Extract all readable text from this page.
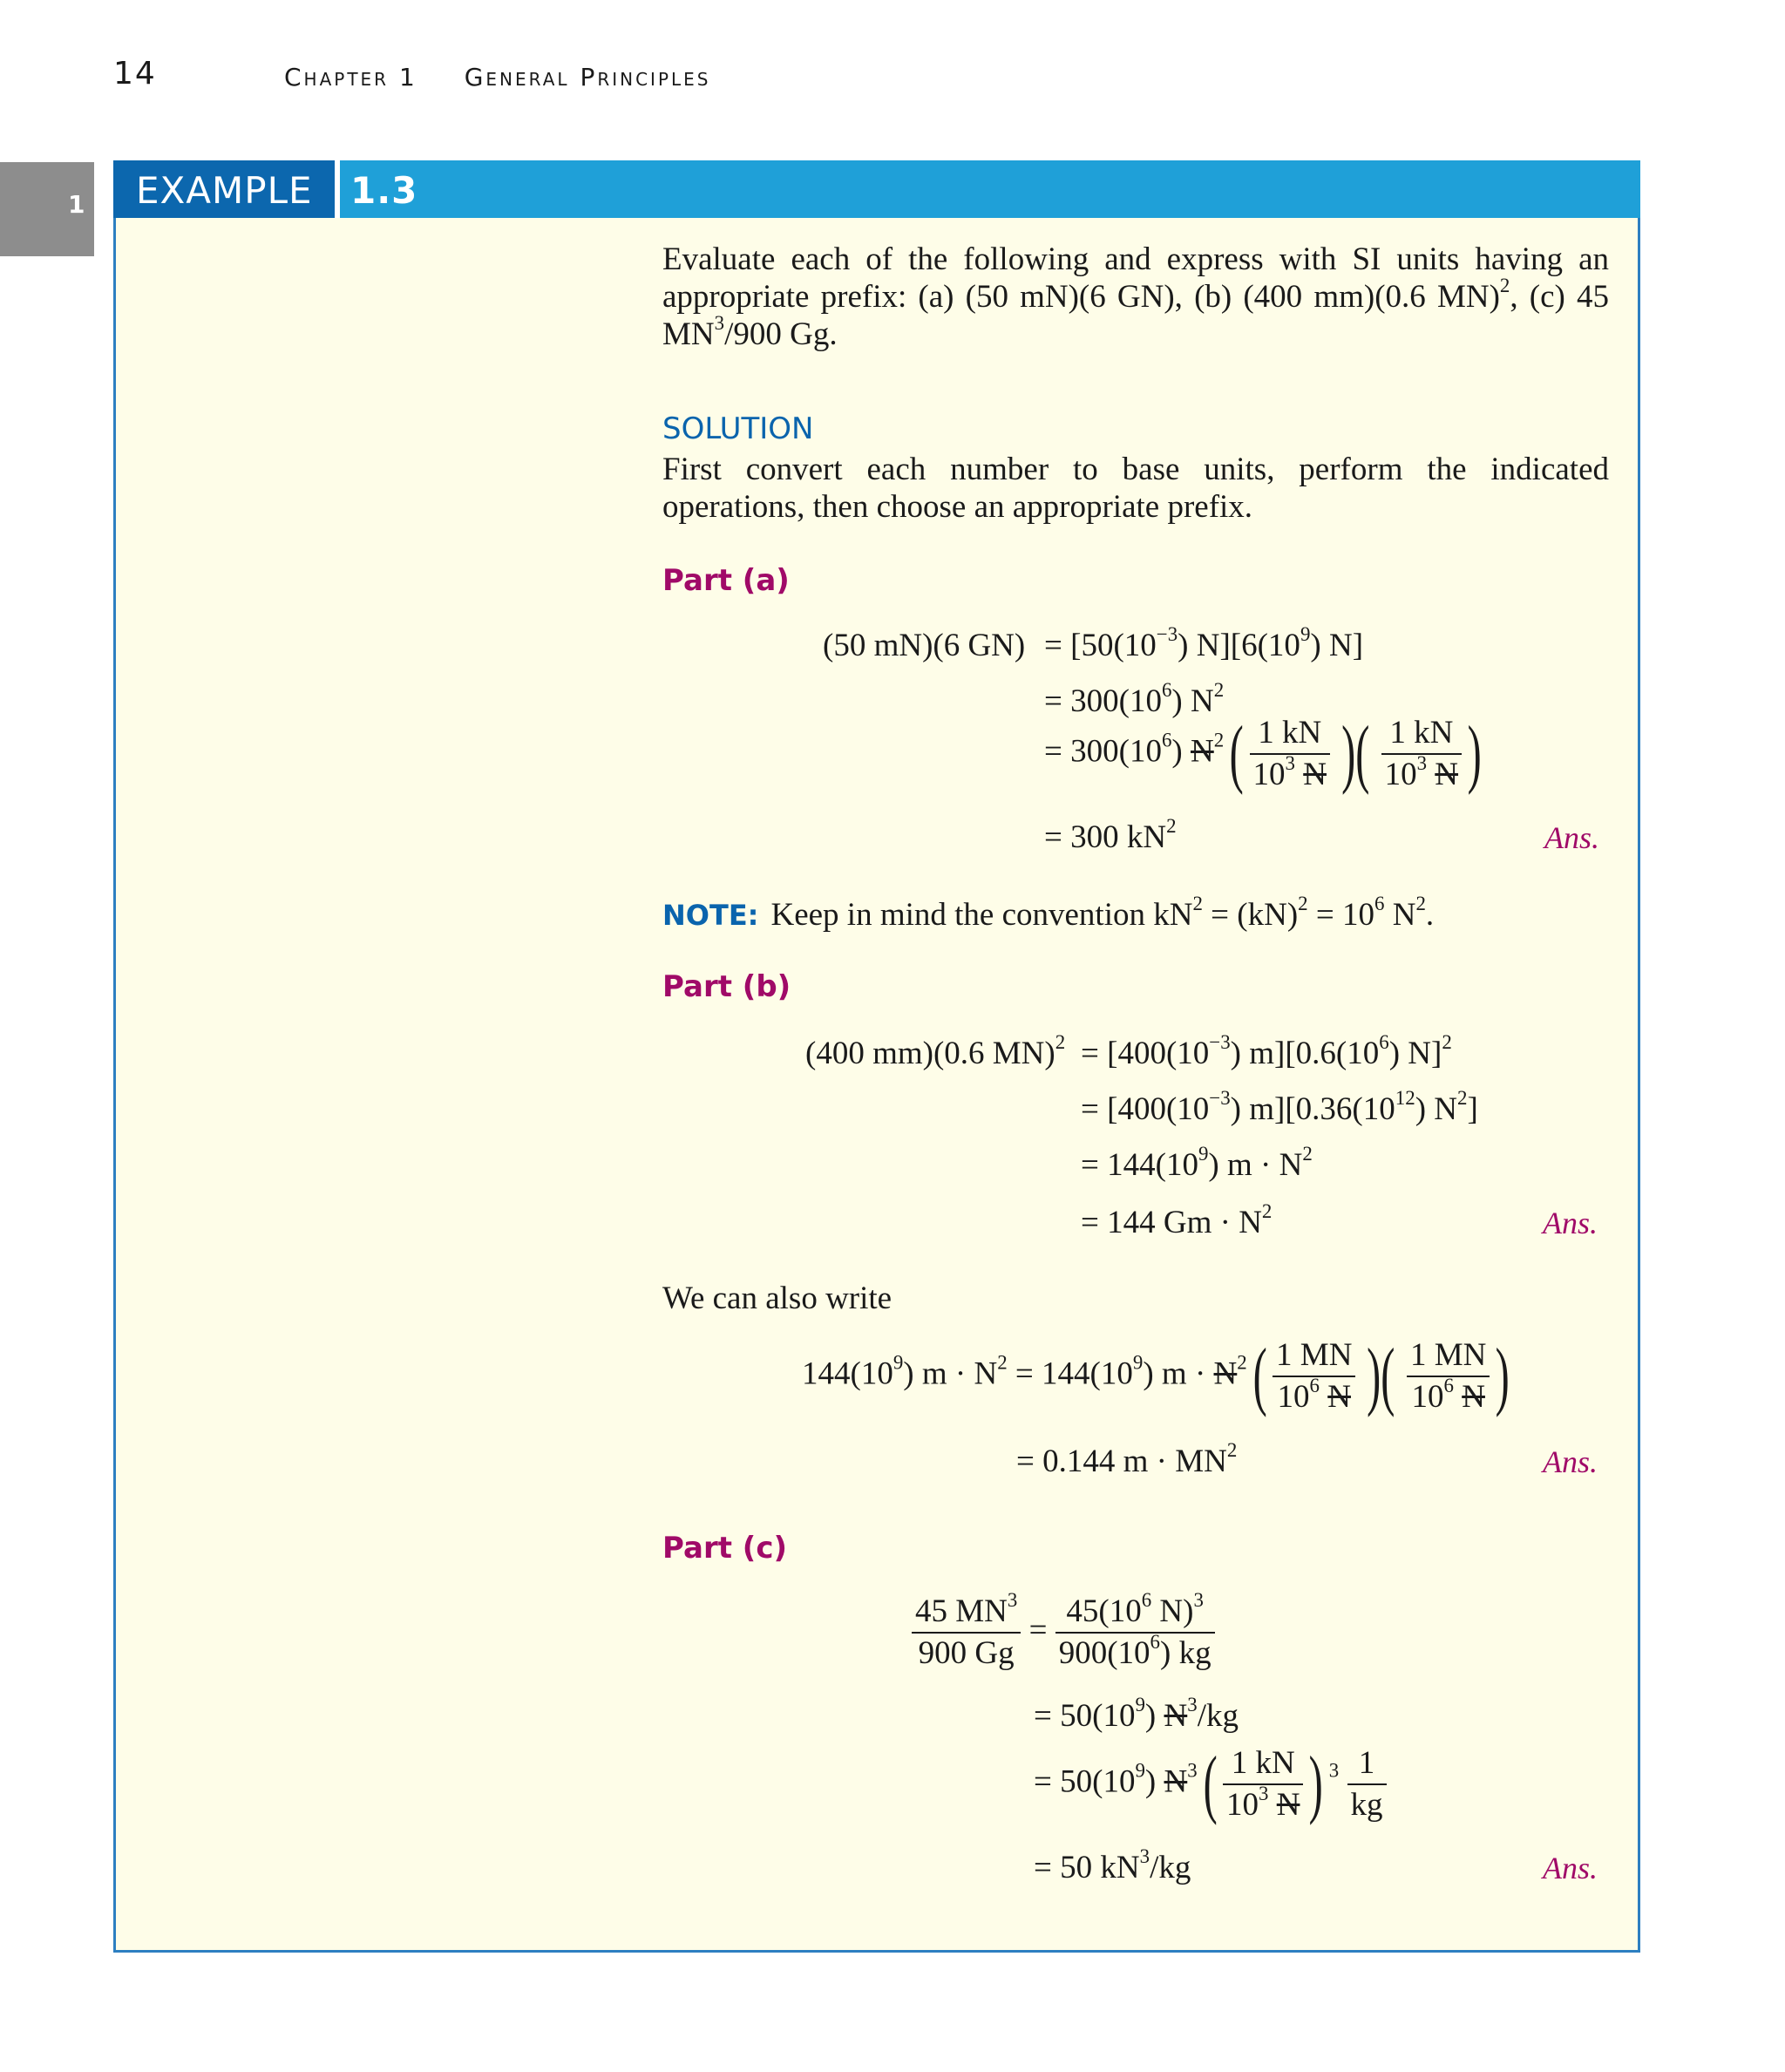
14	Chapter 1 General Principles
1 EXAMPLE 1.3
Evaluate each of the following and express with SI units having an appropriate prefix: (a) (50 mN)(6 GN), (b) (400 mm)(0.6 MN)$^2$, (c) 45 $MN^3/900$ Gg.
SOLUTION
First convert each number to base units, perform the indicated operations, then choose an appropriate prefix.
Part (a)
(50 mN)(6 $GN) = [50(10^{-3})$ $N][6(10^9)$ N]
= $300(10^6)$ $N^2$
= $300(10^6)$ $N^2( \frac{1 kN}{10^3 N}$ )( $\frac{1 kN}{10^3 N}$ )
= 300 $kN^2$	Ans.
NOTE: Keep in mind the convention $kN^2 = (kN)^2 = 10^6$ $N^2$.
Part (b)
(400 mm)(0.6 $MN)^2 = [400(10^{-3})$ $m][0.6(10^6)$ N]$^2$
= [$400(10^{-3})$ $m][0.36(10^{12})$ $N^2$]
= $144(10^9) m \cdot N^2$
= 144 $Gm \cdot N^2$	Ans.
We can also write
$144(10^9) m \cdot N^2 = 144(10^9) m \cdot N^2( \frac{1 MN}{10^6 N}$ )( $\frac{1 MN}{10^6 N}$ )
= 0.144 $m \cdot MN^2$	Ans.
Part (c)
$\frac{45 MN^3}{900 Gg} = \frac{45(10^6 N)^3}{900(10^6) kg}$
= $50(10^9)$ $N^3/kg$
= $50(10^9)$ $N^3( \frac{1 kN}{10^3 N}$ ) $^3 \frac{1}{kg}$
= 50 $kN^3/kg$	Ans.
